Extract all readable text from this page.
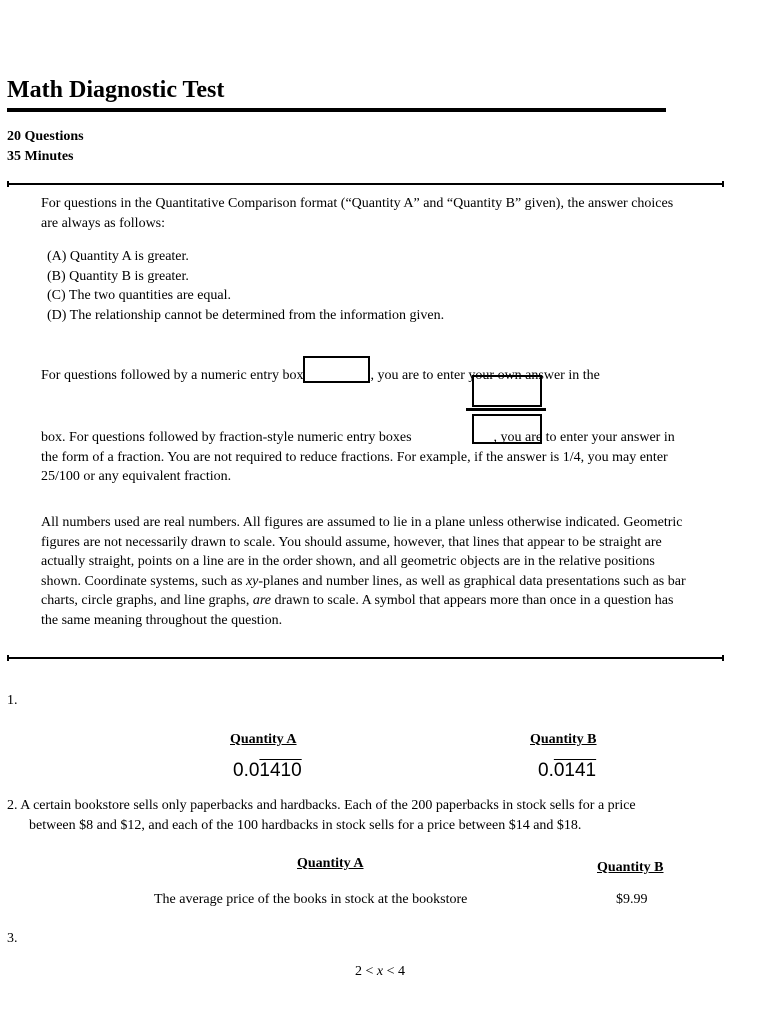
Math Diagnostic Test
20 Questions
35 Minutes
For questions in the Quantitative Comparison format (“Quantity A” and “Quantity B” given), the answer choices are always as follows:
(A) Quantity A is greater.
(B) Quantity B is greater.
(C) The two quantities are equal.
(D) The relationship cannot be determined from the information given.
For questions followed by a numeric entry box	, you are to enter your own answer in the
box. For questions followed by fraction-style numeric entry boxes	, you are to enter your answer in the form of a fraction. You are not required to reduce fractions. For example, if the answer is 1/4, you may enter 25/100 or any equivalent fraction.
All numbers used are real numbers. All figures are assumed to lie in a plane unless otherwise indicated. Geometric figures are not necessarily drawn to scale. You should assume, however, that lines that appear to be straight are actually straight, points on a line are in the order shown, and all geometric objects are in the relative positions shown. Coordinate systems, such as xy-planes and number lines, as well as graphical data presentations such as bar charts, circle graphs, and line graphs, are drawn to scale. A symbol that appears more than once in a question has the same meaning throughout the question.
1.
Quantity A	Quantity B
0.01410	0.0141
2. A certain bookstore sells only paperbacks and hardbacks. Each of the 200 paperbacks in stock sells for a price
between $8 and $12, and each of the 100 hardbacks in stock sells for a price between $14 and $18.
Quantity A	Quantity B
The average price of the books in stock at the bookstore	$9.99
3.
2 < x < 4
